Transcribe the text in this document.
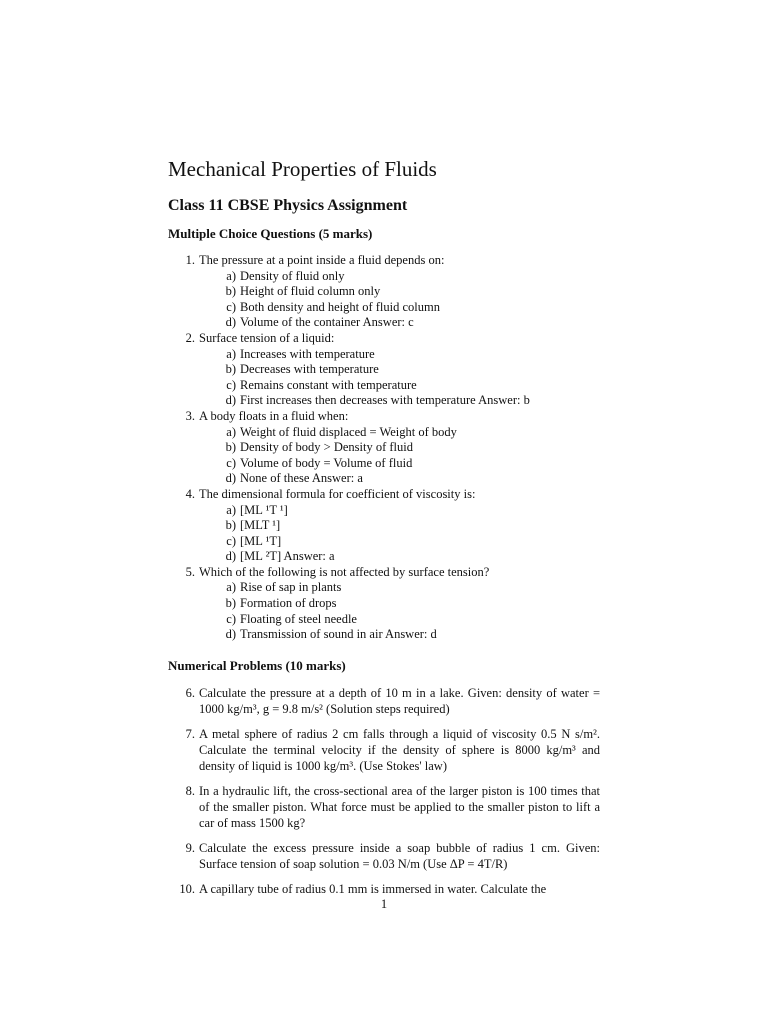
Mechanical Properties of Fluids
Class 11 CBSE Physics Assignment
Multiple Choice Questions (5 marks)
1. The pressure at a point inside a fluid depends on:
a) Density of fluid only
b) Height of fluid column only
c) Both density and height of fluid column
d) Volume of the container Answer: c
2. Surface tension of a liquid:
a) Increases with temperature
b) Decreases with temperature
c) Remains constant with temperature
d) First increases then decreases with temperature Answer: b
3. A body floats in a fluid when:
a) Weight of fluid displaced = Weight of body
b) Density of body > Density of fluid
c) Volume of body = Volume of fluid
d) None of these Answer: a
4. The dimensional formula for coefficient of viscosity is:
a) [ML ¹T ¹]
b) [MLT ¹]
c) [ML ¹T]
d) [ML ²T] Answer: a
5. Which of the following is not affected by surface tension?
a) Rise of sap in plants
b) Formation of drops
c) Floating of steel needle
d) Transmission of sound in air Answer: d
Numerical Problems (10 marks)
6. Calculate the pressure at a depth of 10 m in a lake. Given: density of water = 1000 kg/m³, g = 9.8 m/s² (Solution steps required)
7. A metal sphere of radius 2 cm falls through a liquid of viscosity 0.5 N s/m². Calculate the terminal velocity if the density of sphere is 8000 kg/m³ and density of liquid is 1000 kg/m³. (Use Stokes' law)
8. In a hydraulic lift, the cross-sectional area of the larger piston is 100 times that of the smaller piston. What force must be applied to the smaller piston to lift a car of mass 1500 kg?
9. Calculate the excess pressure inside a soap bubble of radius 1 cm. Given: Surface tension of soap solution = 0.03 N/m (Use ΔP = 4T/R)
10. A capillary tube of radius 0.1 mm is immersed in water. Calculate the
1
